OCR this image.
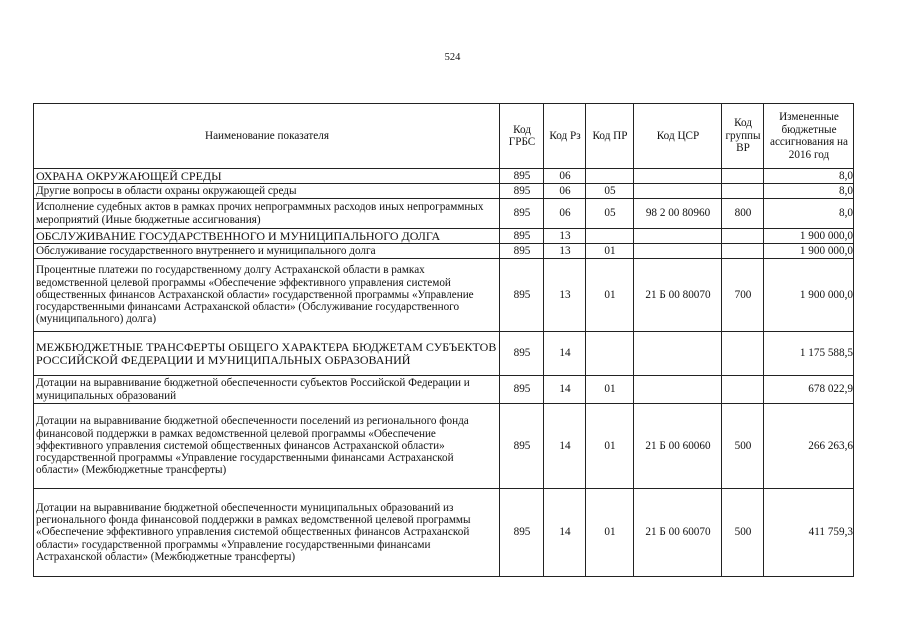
524
Наименование показателя	Код ГРБС	Код Рз	Код ПР	Код ЦСР	Код группы ВР	Измененные бюджетные ассигнования на 2016 год
ОХРАНА ОКРУЖАЮЩЕЙ СРЕДЫ	895	06				8,0
Другие вопросы в области охраны окружающей среды	895	06	05			8,0
Исполнение судебных актов в рамках прочих непрограммных расходов иных непрограммных мероприятий (Иные бюджетные ассигнования)	895	06	05	98 2 00 80960	800	8,0
ОБСЛУЖИВАНИЕ ГОСУДАРСТВЕННОГО И МУНИЦИПАЛЬНОГО ДОЛГА	895	13				1 900 000,0
Обслуживание государственного внутреннего и муниципального долга	895	13	01			1 900 000,0
Процентные платежи по государственному долгу Астраханской области в рамках ведомственной целевой программы «Обеспечение эффективного управления системой общественных финансов Астраханской области» государственной программы «Управление государственными финансами Астраханской области» (Обслуживание государственного (муниципального) долга)	895	13	01	21 Б 00 80070	700	1 900 000,0
МЕЖБЮДЖЕТНЫЕ ТРАНСФЕРТЫ ОБЩЕГО ХАРАКТЕРА БЮДЖЕТАМ СУБЪЕКТОВ РОССИЙСКОЙ ФЕДЕРАЦИИ И МУНИЦИПАЛЬНЫХ ОБРАЗОВАНИЙ	895	14				1 175 588,5
Дотации на выравнивание бюджетной обеспеченности субъектов Российской Федерации и муниципальных образований	895	14	01			678 022,9
Дотации на выравнивание бюджетной обеспеченности поселений из регионального фонда финансовой поддержки в рамках ведомственной целевой программы «Обеспечение эффективного управления системой общественных финансов Астраханской области» государственной программы «Управление государственными финансами Астраханской области» (Межбюджетные трансферты)	895	14	01	21 Б 00 60060	500	266 263,6
Дотации на выравнивание бюджетной обеспеченности муниципальных образований из регионального фонда финансовой поддержки в рамках ведомственной целевой программы «Обеспечение эффективного управления системой общественных финансов Астраханской области» государственной программы «Управление государственными финансами Астраханской области» (Межбюджетные трансферты)	895	14	01	21 Б 00 60070	500	411 759,3
